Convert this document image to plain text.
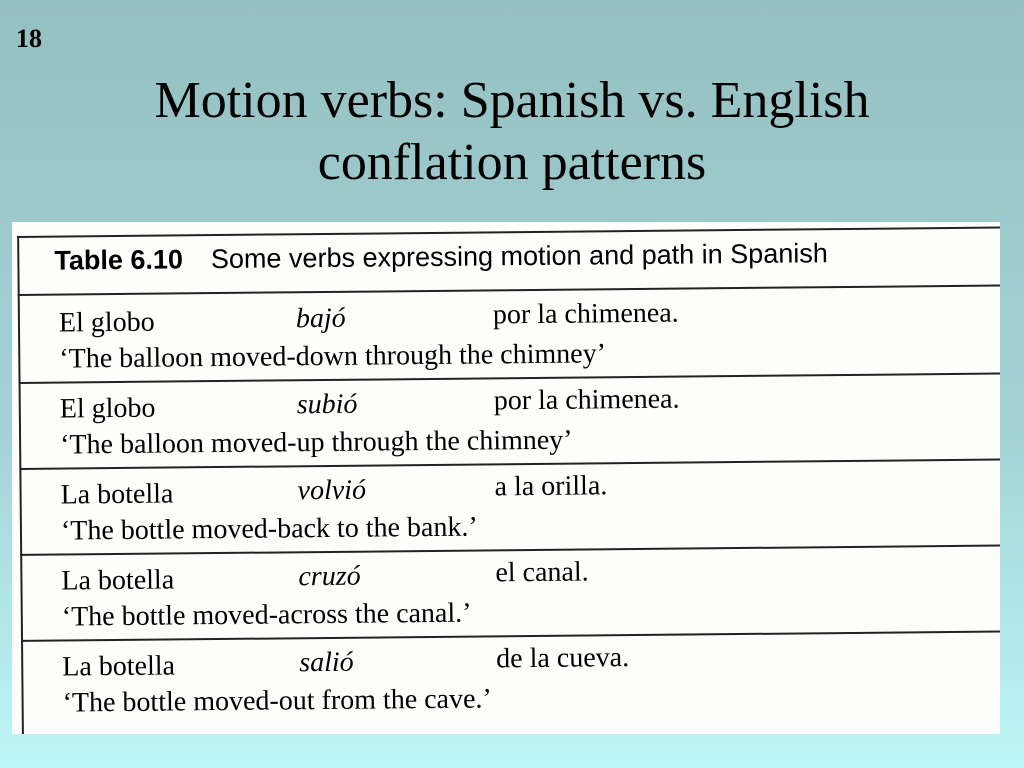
18
Motion verbs: Spanish vs. English
conflation patterns
Table 6.10 Some verbs expressing motion and path in Spanish
El globo	bajó	por la chimenea.
‘The balloon moved-down through the chimney’
El globo	subió	por la chimenea.
‘The balloon moved-up through the chimney’
La botella	volvió	a la orilla.
‘The bottle moved-back to the bank.’
La botella	cruzó	el canal.
‘The bottle moved-across the canal.’
La botella	salió	de la cueva.
‘The bottle moved-out from the cave.’
